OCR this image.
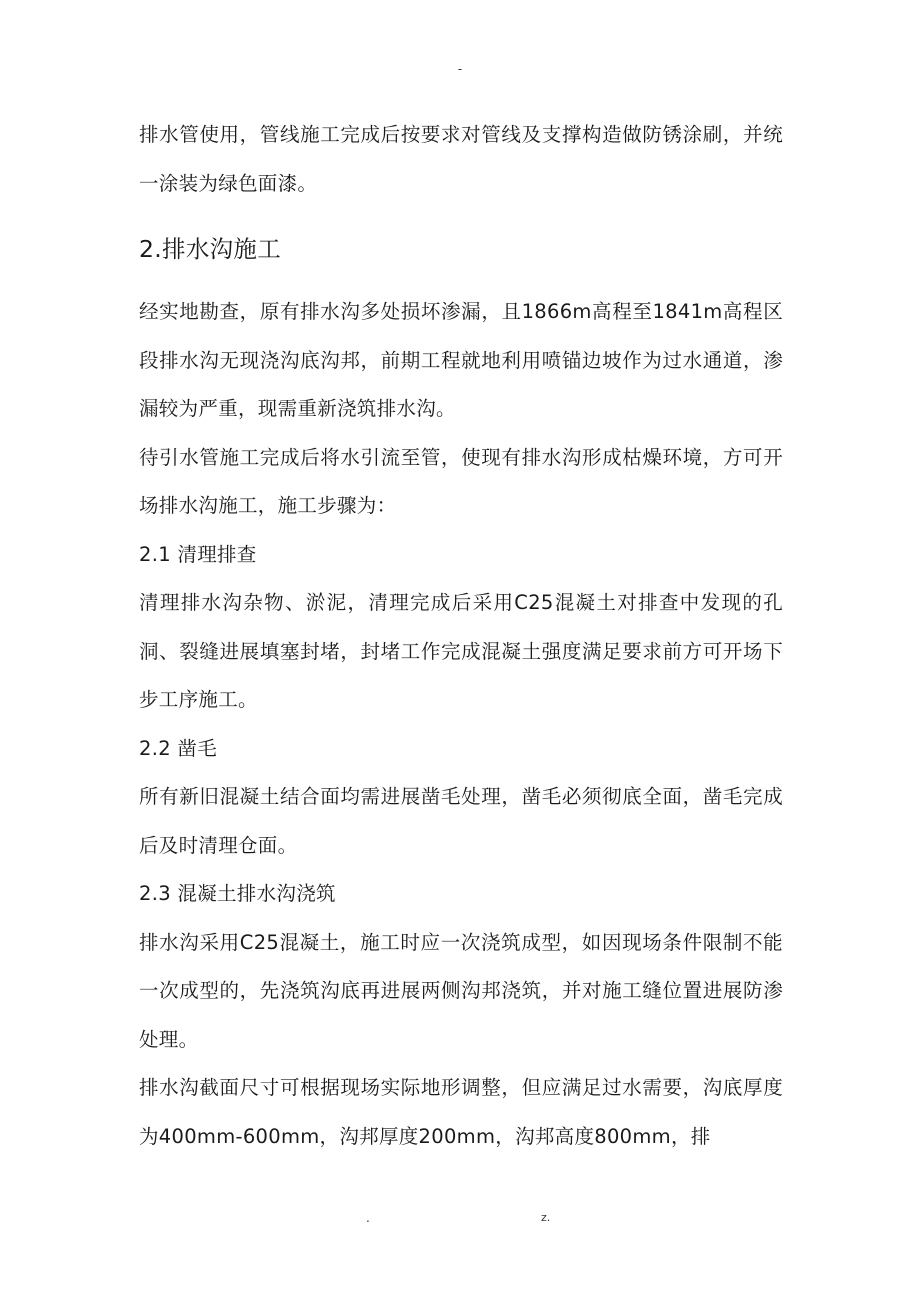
-

排水管使用，管线施工完成后按要求对管线及支撑构造做防锈涂刷，并统一涂装为绿色面漆。

2.排水沟施工

经实地勘查，原有排水沟多处损坏渗漏，且1866m高程至1841m高程区段排水沟无现浇沟底沟邦，前期工程就地利用喷锚边坡作为过水通道，渗漏较为严重，现需重新浇筑排水沟。

待引水管施工完成后将水引流至管，使现有排水沟形成枯燥环境，方可开场排水沟施工，施工步骤为：

2.1 清理排查

清理排水沟杂物、淤泥，清理完成后采用C25混凝土对排查中发现的孔洞、裂缝进展填塞封堵，封堵工作完成混凝土强度满足要求前方可开场下步工序施工。

2.2 凿毛

所有新旧混凝土结合面均需进展凿毛处理，凿毛必须彻底全面，凿毛完成后及时清理仓面。

2.3 混凝土排水沟浇筑

排水沟采用C25混凝土，施工时应一次浇筑成型，如因现场条件限制不能一次成型的，先浇筑沟底再进展两侧沟邦浇筑，并对施工缝位置进展防渗处理。

排水沟截面尺寸可根据现场实际地形调整，但应满足过水需要，沟底厚度为400mm-600mm，沟邦厚度200mm，沟邦高度800mm，排

.	z.
